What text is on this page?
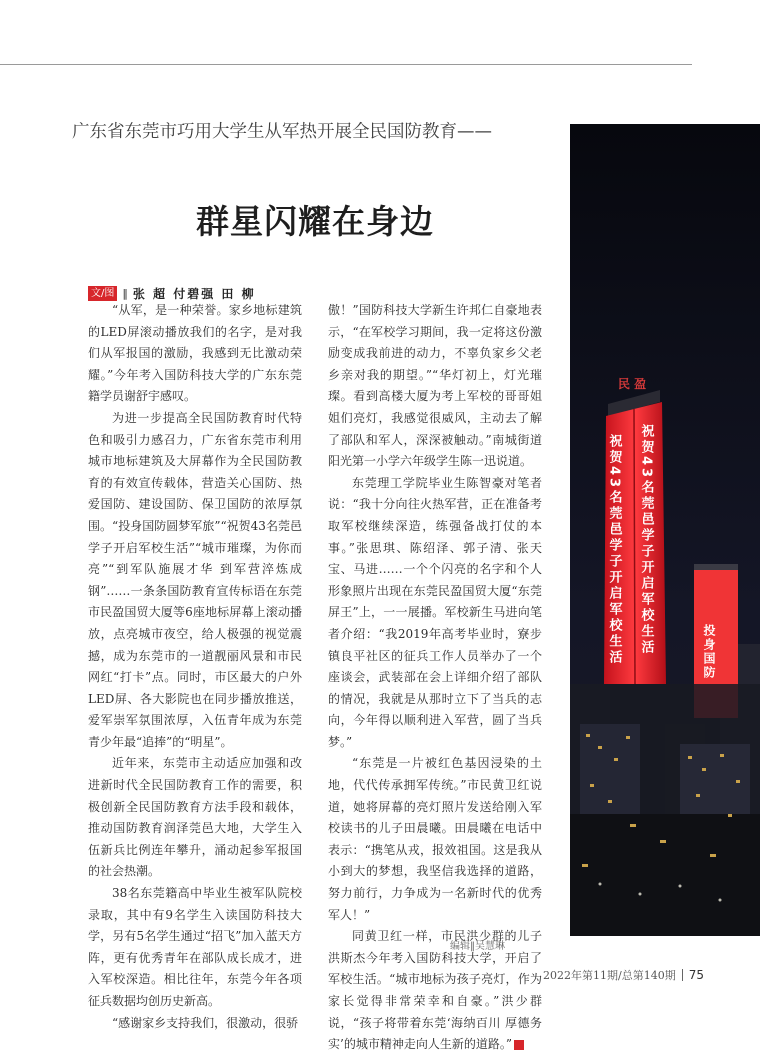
广东省东莞市巧用大学生从军热开展全民国防教育——
群星闪耀在身边
文/图 ‖ 张 超 付碧强 田 柳

“从军，是一种荣誉。家乡地标建筑的LED屏滚动播放我们的名字，是对我们从军报国的激励，我感到无比激动荣耀。”今年考入国防科技大学的广东东莞籍学员谢舒宇感叹。

为进一步提高全民国防教育时代特色和吸引力感召力，广东省东莞市利用城市地标建筑及大屏幕作为全民国防教育的有效宣传载体，营造关心国防、热爱国防、建设国防、保卫国防的浓厚氛围。“投身国防圆梦军旅”“祝贺43名莞邑学子开启军校生活”“城市璀璨，为你而亮”“到军队施展才华 到军营淬炼成钢”……一条条国防教育宣传标语在东莞市民盈国贸大厦等6座地标屏幕上滚动播放，点亮城市夜空，给人极强的视觉震撼，成为东莞市的一道靓丽风景和市民网红“打卡”点。同时，市区最大的户外LED屏、各大影院也在同步播放推送，爱军崇军氛围浓厚，入伍青年成为东莞青少年最“追捧”的“明星”。

近年来，东莞市主动适应加强和改进新时代全民国防教育工作的需要，积极创新全民国防教育方法手段和载体，推动国防教育润泽莞邑大地，大学生入伍新兵比例连年攀升，涌动起参军报国的社会热潮。

38名东莞籍高中毕业生被军队院校录取，其中有9名学生入读国防科技大学，另有5名学生通过“招飞”加入蓝天方阵，更有优秀青年在部队成长成才，进入军校深造。相比往年，东莞今年各项征兵数据均创历史新高。

“感谢家乡支持我们，很激动，很骄

傲！”国防科技大学新生许邦仁自豪地表示，“在军校学习期间，我一定将这份激励变成我前进的动力，不辜负家乡父老乡亲对我的期望。”“华灯初上，灯光璀璨。看到高楼大厦为考上军校的哥哥姐姐们亮灯，我感觉很威风，主动去了解了部队和军人，深深被触动。”南城街道阳光第一小学六年级学生陈一迅说道。

东莞理工学院毕业生陈智豪对笔者说：“我十分向往火热军营，正在准备考取军校继续深造，练强备战打仗的本事。”张思琪、陈绍泽、郭子清、张天宝、马进……一个个闪亮的名字和个人形象照片出现在东莞民盈国贸大厦“东莞屏王”上，一一展播。军校新生马进向笔者介绍：“我2019年高考毕业时，寮步镇良平社区的征兵工作人员举办了一个座谈会，武装部在会上详细介绍了部队的情况，我就是从那时立下了当兵的志向，今年得以顺利进入军营，圆了当兵梦。”

“东莞是一片被红色基因浸染的土地，代代传承拥军传统。”市民黄卫红说道，她将屏幕的亮灯照片发送给刚入军校读书的儿子田晨曦。田晨曦在电话中表示：“携笔从戎，报效祖国。这是我从小到大的梦想，我坚信我选择的道路，努力前行，力争成为一名新时代的优秀军人！”

同黄卫红一样，市民洪少群的儿子洪斯杰今年考入国防科技大学，开启了军校生活。“城市地标为孩子亮灯，作为家长觉得非常荣幸和自豪。”洪少群说，“孩子将带着东莞‘海纳百川 厚德务实’的城市精神走向人生新的道路。”	G

民 盈
祝贺43名莞邑学子开启军校生活 祝贺43名莞邑学子开启军校生活	投身国防
编辑‖吴慧琳
2022年第11期/总第140期 75
